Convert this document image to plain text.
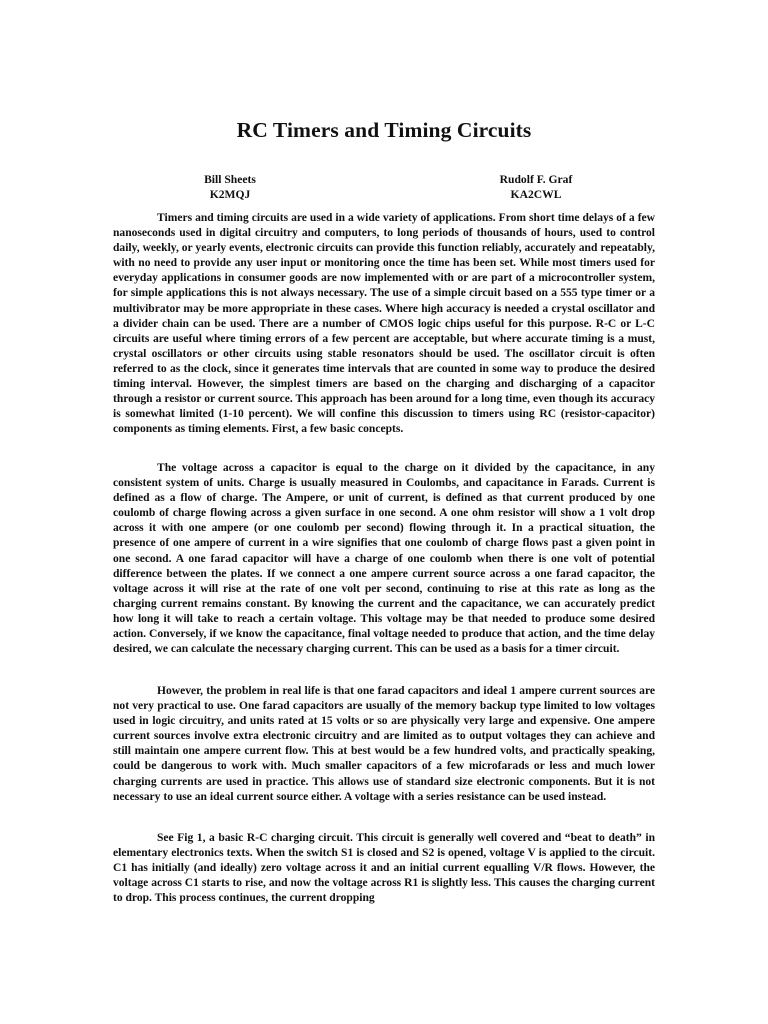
RC Timers and Timing Circuits
Bill Sheets
K2MQJ
Rudolf F. Graf
KA2CWL

Timers and timing circuits are used in a wide variety of applications. From short time delays of a few nanoseconds used in digital circuitry and computers, to long periods of thousands of hours, used to control daily, weekly, or yearly events, electronic circuits can provide this function reliably, accurately and repeatably, with no need to provide any user input or monitoring once the time has been set. While most timers used for everyday applications in consumer goods are now implemented with or are part of a microcontroller system, for simple applications this is not always necessary. The use of a simple circuit based on a 555 type timer or a multivibrator may be more appropriate in these cases. Where high accuracy is needed a crystal oscillator and a divider chain can be used. There are a number of CMOS logic chips useful for this purpose. R-C or L-C circuits are useful where timing errors of a few percent are acceptable, but where accurate timing is a must, crystal oscillators or other circuits using stable resonators should be used. The oscillator circuit is often referred to as the clock, since it generates time intervals that are counted in some way to produce the desired timing interval. However, the simplest timers are based on the charging and discharging of a capacitor through a resistor or current source. This approach has been around for a long time, even though its accuracy is somewhat limited (1-10 percent). We will confine this discussion to timers using RC (resistor-capacitor) components as timing elements. First, a few basic concepts.

The voltage across a capacitor is equal to the charge on it divided by the capacitance, in any consistent system of units. Charge is usually measured in Coulombs, and capacitance in Farads. Current is defined as a flow of charge. The Ampere, or unit of current, is defined as that current produced by one coulomb of charge flowing across a given surface in one second. A one ohm resistor will show a 1 volt drop across it with one ampere (or one coulomb per second) flowing through it. In a practical situation, the presence of one ampere of current in a wire signifies that one coulomb of charge flows past a given point in one second. A one farad capacitor will have a charge of one coulomb when there is one volt of potential difference between the plates. If we connect a one ampere current source across a one farad capacitor, the voltage across it will rise at the rate of one volt per second, continuing to rise at this rate as long as the charging current remains constant. By knowing the current and the capacitance, we can accurately predict how long it will take to reach a certain voltage. This voltage may be that needed to produce some desired action. Conversely, if we know the capacitance, final voltage needed to produce that action, and the time delay desired, we can calculate the necessary charging current. This can be used as a basis for a timer circuit.

However, the problem in real life is that one farad capacitors and ideal 1 ampere current sources are not very practical to use. One farad capacitors are usually of the memory backup type limited to low voltages used in logic circuitry, and units rated at 15 volts or so are physically very large and expensive. One ampere current sources involve extra electronic circuitry and are limited as to output voltages they can achieve and still maintain one ampere current flow. This at best would be a few hundred volts, and practically speaking, could be dangerous to work with. Much smaller capacitors of a few microfarads or less and much lower charging currents are used in practice. This allows use of standard size electronic components. But it is not necessary to use an ideal current source either. A voltage with a series resistance can be used instead.

See Fig 1, a basic R-C charging circuit. This circuit is generally well covered and “beat to death” in elementary electronics texts. When the switch S1 is closed and S2 is opened, voltage V is applied to the circuit. C1 has initially (and ideally) zero voltage across it and an initial current equalling V/R flows. However, the voltage across C1 starts to rise, and now the voltage across R1 is slightly less. This causes the charging current to drop. This process continues, the current dropping
